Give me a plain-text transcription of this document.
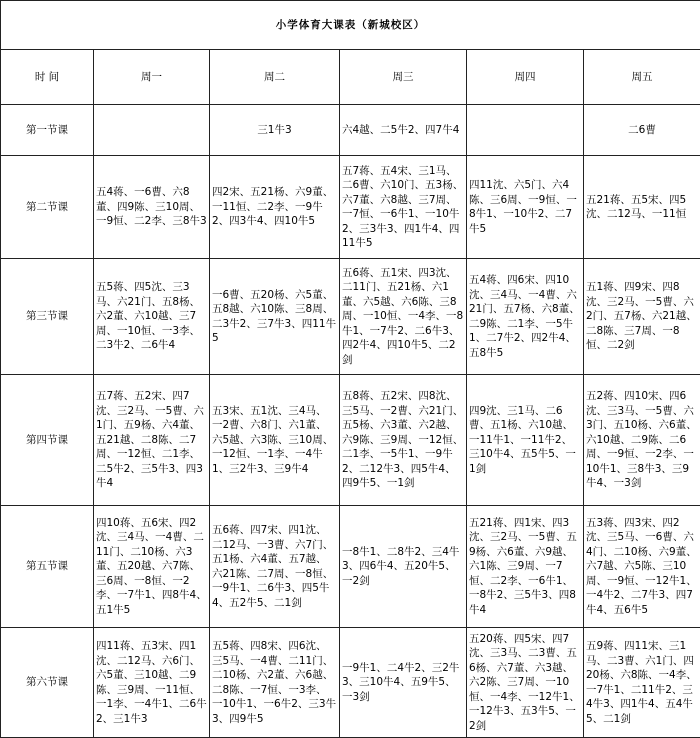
小学体育大课表（新城校区）					
时 间	周一	周二	周三	周四	周五
第一节课		三1牛3	六4越、二5牛2、四7牛4		二6曹
第二节课	五4蒋、一6曹、六8董、四9陈、三10周、一9恒、二2李、三8牛3	四2宋、五21杨、六9董、一11恒、二2李、一9牛2、四3牛4、四10牛5	五7蒋、五4宋、三1马、二6曹、六10门、五3杨、六7董、六8越、三7周、一7恒、一6牛1、一10牛2、三3牛3、四1牛4、四11牛5	四11沈、六5门、六4陈、三6周、一9恒、一8牛1、一10牛2、二7牛5	五21蒋、五5宋、四5沈、二12马、一11恒
第三节课	五5蒋、四5沈、三3马、六21门、五8杨、六2董、六10越、三7周、一10恒、一3李、二3牛2、二6牛4	一6曹、五20杨、六5董、五8越、六10陈、三8周、二3牛2、三7牛3、四11牛5	五6蒋、五1宋、四3沈、二11门、五21杨、六1董、六5越、六6陈、三8周、一10恒、一4李、一8牛1、一7牛2、二6牛3、四2牛4、四10牛5、二2剑	五4蒋、四6宋、四10沈、三4马、一4曹、六21门、五7杨、六8董、二9陈、二1李、一5牛1、二7牛2、四2牛4、五8牛5	五1蒋、四9宋、四8沈、三2马、一5曹、六2门、五7杨、六21越、二8陈、三7周、一8恒、二2剑
第四节课	五7蒋、五2宋、四7沈、三2马、一5曹、六1门、五9杨、六4董、五21越、二8陈、二7周、一12恒、二1李、二5牛2、三5牛3、四3牛4	五3宋、五1沈、三4马、一2曹、六8门、六1董、六5越、六3陈、三10周、一12恒、一1李、一4牛1、三2牛3、三9牛4	五8蒋、五2宋、四8沈、三5马、一2曹、六21门、五5杨、六3董、六2越、六9陈、三9周、一12恒、二1李、一5牛1、一9牛2、二12牛3、四5牛4、四9牛5、一1剑	四9沈、三1马、二6曹、五1杨、六10越、一11牛1、一11牛2、三10牛4、五5牛5、一1剑	五2蒋、四10宋、四6沈、三3马、一5曹、六3门、五10杨、六6董、六10越、二9陈、二6周、一9恒、一2李、一10牛1、三8牛3、三9牛4、一3剑
第五节课	四10蒋、五6宋、四2沈、三4马、一4曹、二11门、二10杨、六3董、五20越、六7陈、三6周、一8恒、一2李、一7牛1、四8牛4、五1牛5	五6蒋、四7宋、四1沈、二12马、一3曹、六7门、五1杨、六4董、五7越、六21陈、二7周、一8恒、一9牛1、二6牛3、四5牛4、五2牛5、二1剑	一8牛1、二8牛2、三4牛3、四6牛4、五20牛5、一2剑	五21蒋、四1宋、四3沈、三2马、一5曹、五9杨、六6董、六9越、六1陈、三9周、一7恒、二2李、一6牛1、一8牛2、三5牛3、四8牛4	五3蒋、四3宋、四2沈、三5马、一6曹、六4门、二10杨、六9董、六7越、六5陈、三10周、一9恒、一12牛1、一4牛2、二7牛3、四7牛4、五6牛5
第六节课	四11蒋、五3宋、四1沈、二12马、六6门、六5董、三10越、二9陈、三9周、一11恒、一1李、一4牛1、二6牛2、三1牛3	五5蒋、四8宋、四6沈、三5马、一4曹、二11门、二10杨、六2董、六6越、二8陈、一7恒、一3李、一10牛1、一6牛2、三3牛3、四9牛5	一9牛1、二4牛2、三2牛3、三10牛4、五9牛5、一3剑	五20蒋、四5宋、四7沈、三3马、二3曹、五6杨、六7董、六3越、六2陈、三7周、一10恒、一4李、一12牛1、一12牛3、五3牛5、一2剑	五9蒋、四11宋、三1马、二3曹、六1门、四20杨、六8陈、一4李、一7牛1、二11牛2、三4牛3、四1牛4、五4牛5、二1剑
